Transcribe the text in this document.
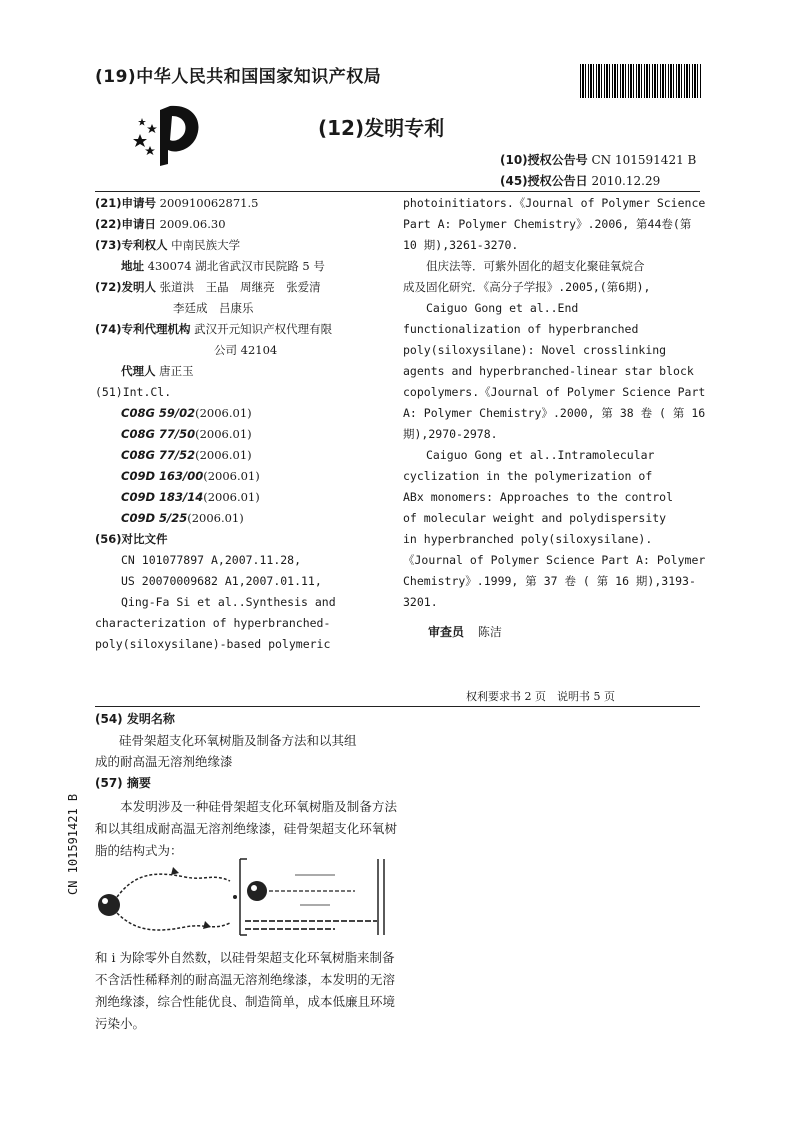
(19)中华人民共和国国家知识产权局
(12)发明专利
(10)授权公告号 CN 101591421 B
(45)授权公告日 2010.12.29
(21)申请号 200910062871.5
(22)申请日 2009.06.30
(73)专利权人 中南民族大学
地址 430074 湖北省武汉市民院路 5 号
(72)发明人 张道洪　王晶　周继亮　张爱清
李廷成　吕康乐
(74)专利代理机构 武汉开元知识产权代理有限
公司 42104
代理人 唐正玉
(51)Int.Cl.
C08G 59/02(2006.01)
C08G 77/50(2006.01)
C08G 77/52(2006.01)
C09D 163/00(2006.01)
C09D 183/14(2006.01)
C09D 5/25(2006.01)
(56)对比文件
CN 101077897 A,2007.11.28,
US 20070009682 A1,2007.01.11,
Qing-Fa Si et al..Synthesis and
characterization of hyperbranched-
poly(siloxysilane)-based polymeric
photoinitiators.《Journal of Polymer Science
Part A: Polymer Chemistry》.2006, 第44卷(第
10 期),3261-3270.
　　伹庆法等．可紫外固化的超支化聚硅氧烷合
成及固化研究．《高分子学报》.2005,(第6期),
　　Caiguo Gong et al..End
functionalization of hyperbranched
poly(siloxysilane): Novel crosslinking
agents and hyperbranched-linear star block
copolymers.《Journal of Polymer Science Part
A: Polymer Chemistry》.2000, 第 38 卷 ( 第 16
期),2970-2978.
　　Caiguo Gong et al..Intramolecular
cyclization in the polymerization of
ABx monomers: Approaches to the control
of molecular weight and polydispersity
in hyperbranched poly(siloxysilane).
《Journal of Polymer Science Part A: Polymer
Chemistry》.1999, 第 37 卷 ( 第 16 期),3193-
3201.
审查员 陈洁
权利要求书 2 页　说明书 5 页
(54) 发明名称
硅骨架超支化环氧树脂及制备方法和以其组
成的耐高温无溶剂绝缘漆
(57) 摘要
　　本发明涉及一种硅骨架超支化环氧树脂及制备方法和以其组成耐高温无溶剂绝缘漆，硅骨架超支化环氧树脂的结构式为：
和 i 为除零外自然数，以硅骨架超支化环氧树脂来制备不含活性稀释剂的耐高温无溶剂绝缘漆，本发明的无溶剂绝缘漆，综合性能优良、制造简单，成本低廉且环境污染小。
CN 101591421 B
